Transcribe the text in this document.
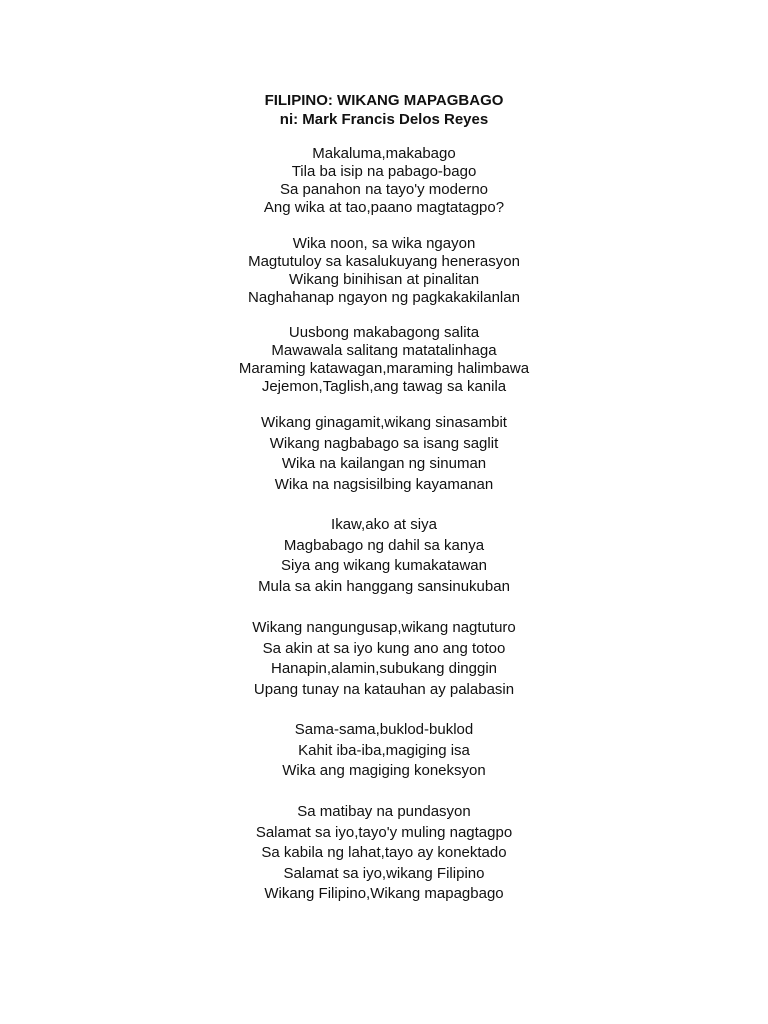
FILIPINO: WIKANG MAPAGBAGO
ni: Mark Francis Delos Reyes
Makaluma,makabago
Tila ba isip na pabago-bago
Sa panahon na tayo'y moderno
Ang wika at tao,paano magtatagpo?
Wika noon, sa wika ngayon
Magtutuloy sa kasalukuyang henerasyon
Wikang binihisan at pinalitan
Naghahanap ngayon ng pagkakakilanlan
Uusbong makabagong salita
Mawawala salitang matatalinhaga
Maraming katawagan,maraming halimbawa
Jejemon,Taglish,ang tawag sa kanila
Wikang ginagamit,wikang sinasambit
Wikang nagbabago sa isang saglit
Wika na kailangan ng sinuman
Wika na nagsisilbing kayamanan
Ikaw,ako at siya
Magbabago ng dahil sa kanya
Siya ang wikang kumakatawan
Mula sa akin hanggang sansinukuban
Wikang nangungusap,wikang nagtuturo
Sa akin at sa iyo kung ano ang totoo
Hanapin,alamin,subukang dinggin
Upang tunay na katauhan ay palabasin
Sama-sama,buklod-buklod
Kahit iba-iba,magiging isa
Wika ang magiging koneksyon
Sa matibay na pundasyon
Salamat sa iyo,tayo'y muling nagtagpo
Sa kabila ng lahat,tayo ay konektado
Salamat sa iyo,wikang Filipino
Wikang Filipino,Wikang mapagbago
